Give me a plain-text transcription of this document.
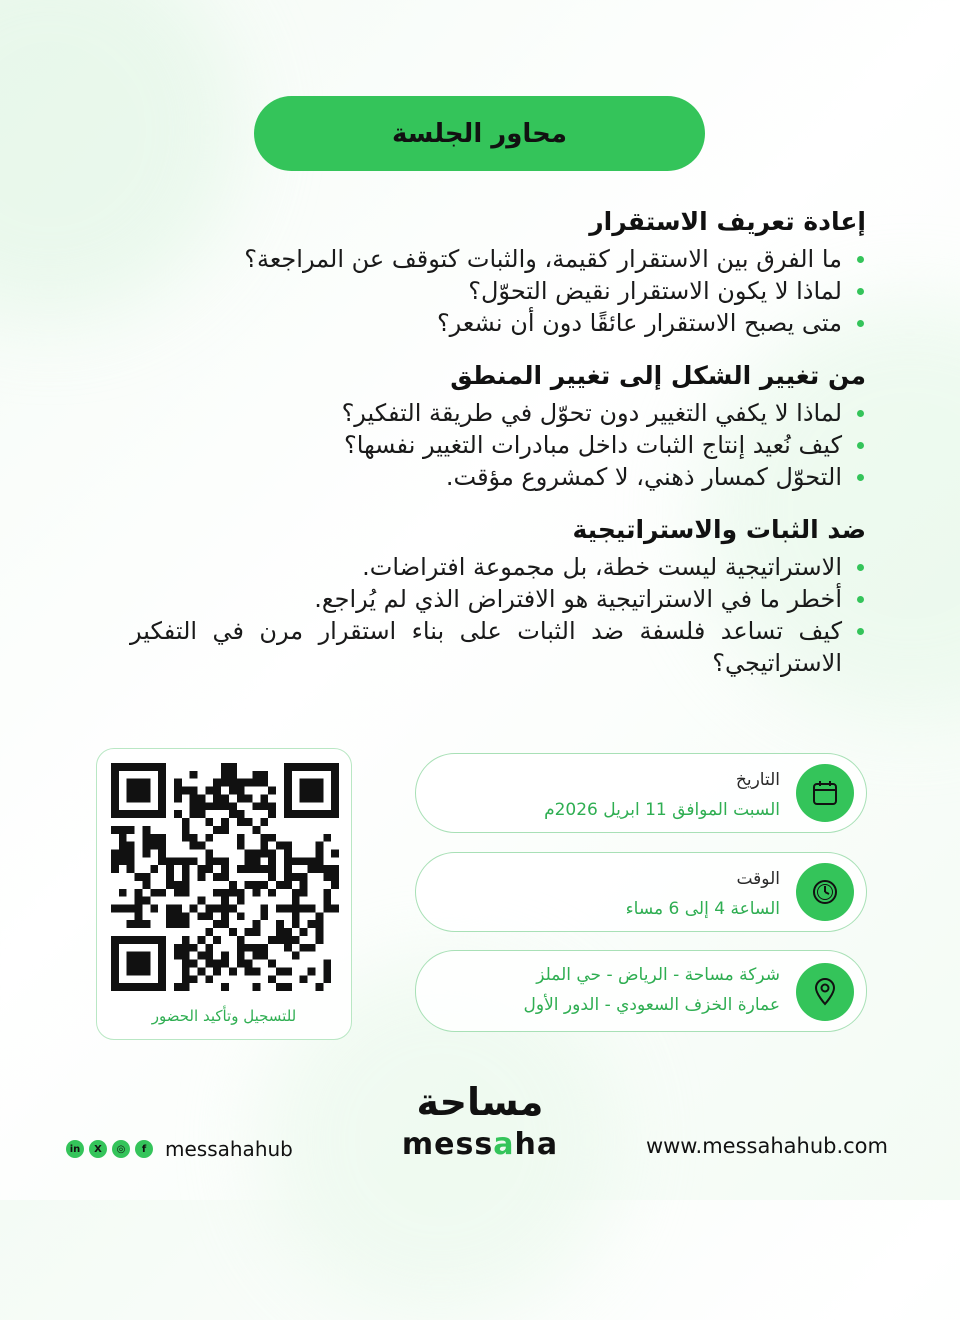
محاور الجلسة
إعادة تعريف الاستقرار
ما الفرق بين الاستقرار كقيمة، والثبات كتوقف عن المراجعة؟
لماذا لا يكون الاستقرار نقيض التحوّل؟
متى يصبح الاستقرار عائقًا دون أن نشعر؟
من تغيير الشكل إلى تغيير المنطق
لماذا لا يكفي التغيير دون تحوّل في طريقة التفكير؟
كيف نُعيد إنتاج الثبات داخل مبادرات التغيير نفسها؟
التحوّل كمسار ذهني، لا كمشروع مؤقت.
ضد الثبات والاستراتيجية
الاستراتيجية ليست خطة، بل مجموعة افتراضات.
أخطر ما في الاستراتيجية هو الافتراض الذي لم يُراجع.
كيف تساعد فلسفة ضد الثبات على بناء استقرار مرن في التفكير الاستراتيجي؟
للتسجيل وتأكيد الحضور
التاريخ
السبت الموافق 11 ابريل 2026م
الوقت
الساعة 4 إلى 6 مساء
شركة مساحة - الرياض - حي الملز
عمارة الخزف السعودي - الدور الأول
مساحة
messaha
in	X	◎	f messahahub	www.messahahub.com
